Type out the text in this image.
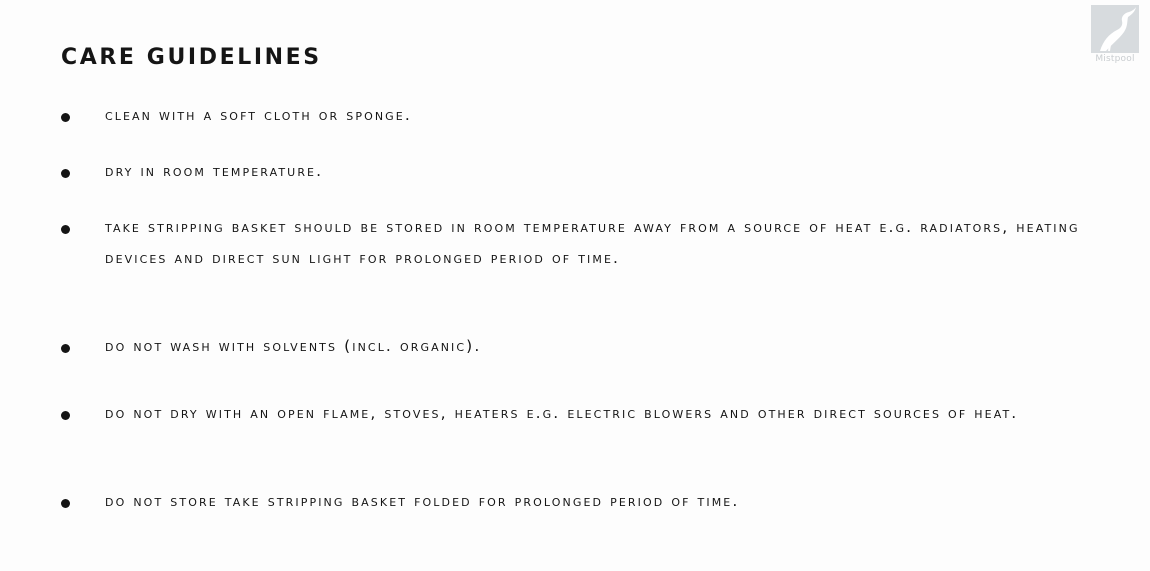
CARE GUIDELINES	Mistpool
clean with a soft cloth or sponge.
dry in room temperature.
take stripping basket should be stored in room temperature away from a source of heat e.g. radiators, heating devices and direct sun light for prolonged period of time.
do not wash with solvents (incl. organic).
do not dry with an open flame, stoves, heaters e.g. electric blowers and other direct sources of heat.
do not store take stripping basket folded for prolonged period of time.
